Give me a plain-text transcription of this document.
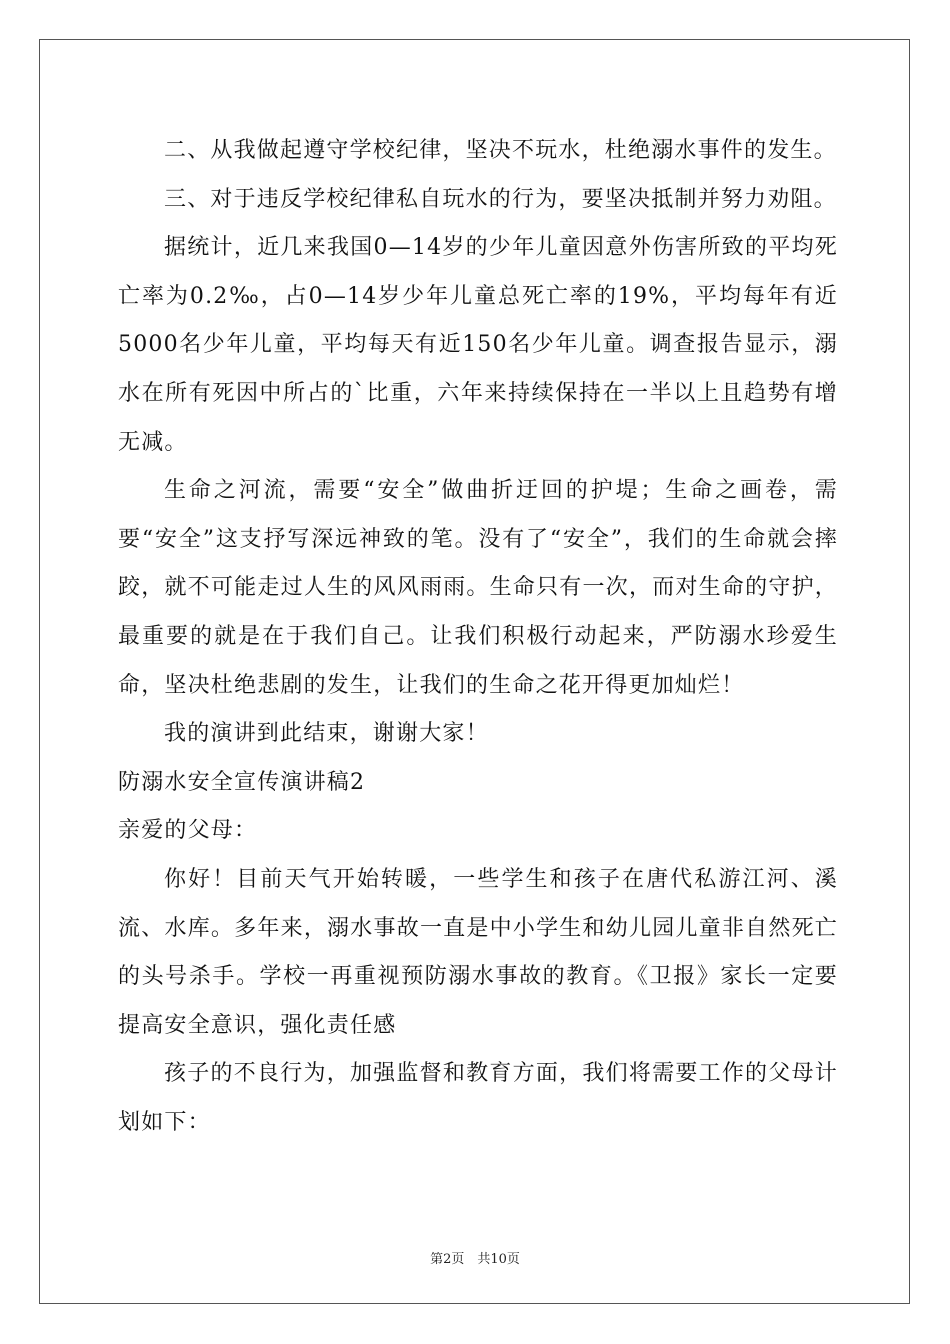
二、从我做起遵守学校纪律，坚决不玩水，杜绝溺水事件的发生。

三、对于违反学校纪律私自玩水的行为，要坚决抵制并努力劝阻。

据统计，近几来我国0—14岁的少年儿童因意外伤害所致的平均死亡率为0.2‰，占0—14岁少年儿童总死亡率的19%，平均每年有近5000名少年儿童，平均每天有近150名少年儿童。调查报告显示，溺水在所有死因中所占的`比重，六年来持续保持在一半以上且趋势有增无减。

生命之河流，需要“安全”做曲折迂回的护堤；生命之画卷，需要“安全”这支抒写深远神致的笔。没有了“安全”，我们的生命就会摔跤，就不可能走过人生的风风雨雨。生命只有一次，而对生命的守护，最重要的就是在于我们自己。让我们积极行动起来，严防溺水珍爱生命，坚决杜绝悲剧的发生，让我们的生命之花开得更加灿烂！

我的演讲到此结束，谢谢大家！

防溺水安全宣传演讲稿2

亲爱的父母：

你好！目前天气开始转暖，一些学生和孩子在唐代私游江河、溪流、水库。多年来，溺水事故一直是中小学生和幼儿园儿童非自然死亡的头号杀手。学校一再重视预防溺水事故的教育。《卫报》家长一定要提高安全意识，强化责任感

孩子的不良行为，加强监督和教育方面，我们将需要工作的父母计划如下：

第2页　共10页
